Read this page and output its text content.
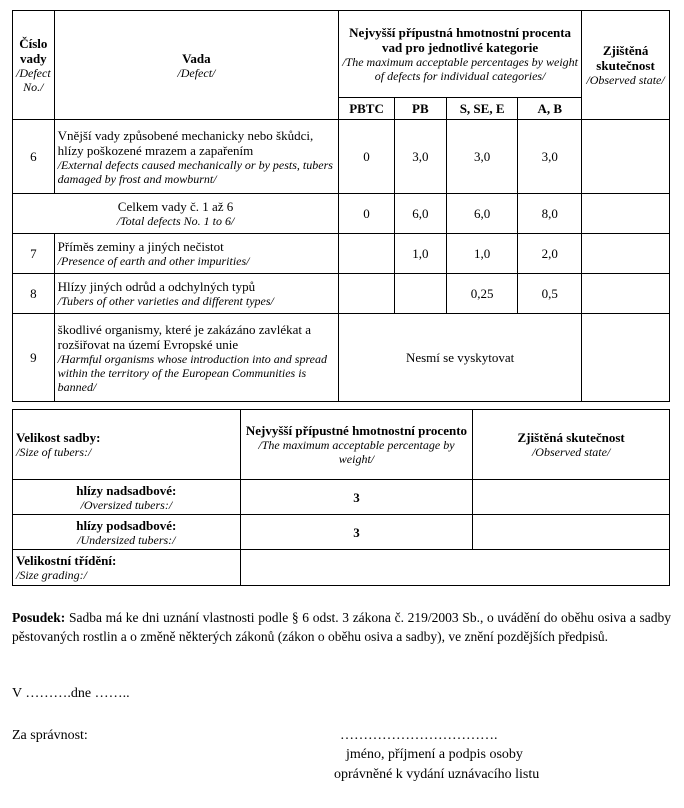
Číslo vady
/Defect No./	Vada
/Defect/	Nejvyšší přípustná hmotnostní procenta vad pro jednotlivé kategorie
/The maximum acceptable percentages by weight of defects for individual categories/				Zjištěná skutečnost
/Observed state/

		PBTC	PB	S, SE, E	A, B	
6	Vnější vady způsobené mechanicky nebo škůdci, hlízy poškozené mrazem a zapařením
/External defects caused mechanically or by pests, tubers damaged by frost and mowburnt/	0	3,0	3,0	3,0	

Celkem vady č. 1 až 6
/Total defects No. 1 to 6/		0	6,0	6,0	8,0	
7	Příměs zeminy a jiných nečistot
/Presence of earth and other impurities/		1,0	1,0	2,0	
8	Hlízy jiných odrůd a odchylných typů
/Tubers of other varieties and different types/			0,25	0,5	
9	škodlivé organismy, které je zakázáno zavlékat a rozšiřovat na území Evropské unie
/Harmful organisms whose introduction into and spread within the territory of the European Communities is banned/	Nesmí se vyskytovat				
Velikost sadby:
/Size of tubers:/	Nejvyšší přípustné hmotnostní procento
/The maximum acceptable percentage by weight/	Zjištěná skutečnost
/Observed state/

hlízy nadsadbové:
/Oversized tubers:/	3	

hlízy podsadbové:
/Undersized tubers:/	3	

Velikostní třídění:
/Size grading:/		

Posudek: Sadba má ke dni uznání vlastnosti podle § 6 odst. 3 zákona č. 219/2003 Sb., o uvádění do oběhu osiva a sadby pěstovaných rostlin a o změně některých zákonů (zákon o oběhu osiva a sadby), ve znění pozdějších předpisů.
V ……….dne ……..
Za správnost:	…………………………….
jméno, příjmení a podpis osoby
oprávněné k vydání uznávacího listu
